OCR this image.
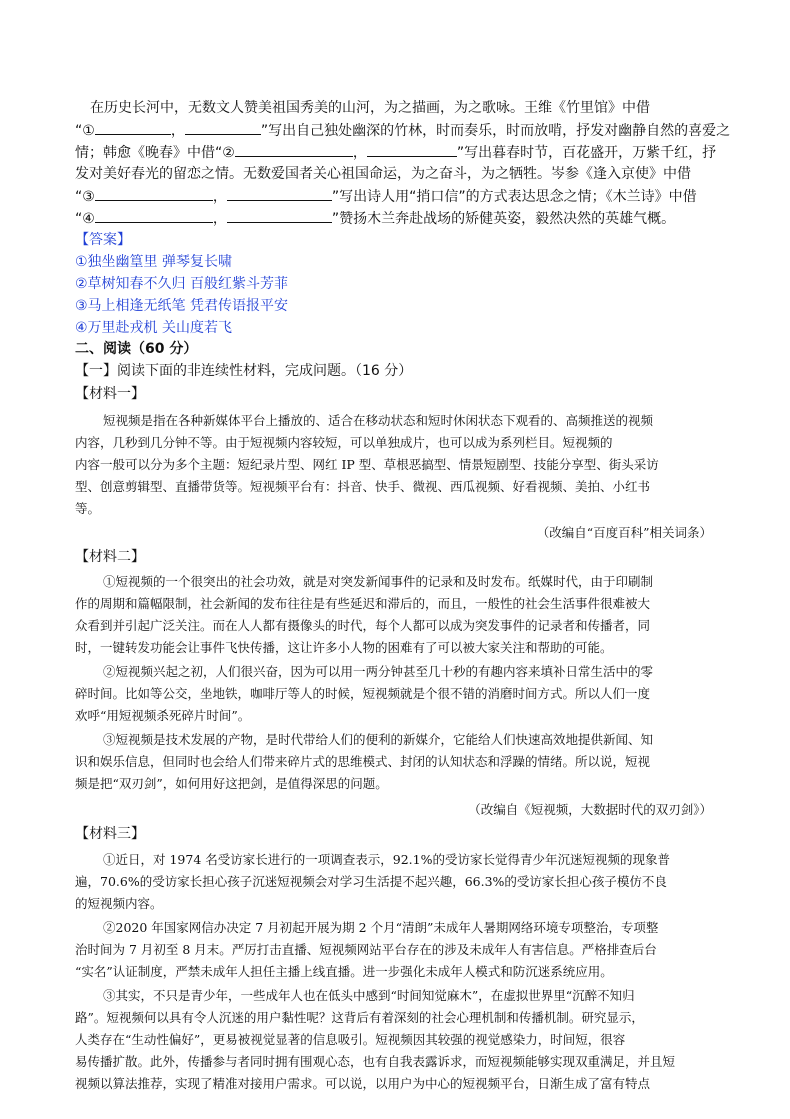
在历史长河中，无数文人赞美祖国秀美的山河，为之描画，为之歌咏。王维《竹里馆》中借
“①	，	”写出自己独处幽深的竹林，时而奏乐，时而放啃，抒发对幽静自然的喜爱之
情；韩愈《晚春》中借“②	，	”写出暮春时节，百花盛开，万紫千红，抒
发对美好春光的留恋之情。无数爱国者关心祖国命运，为之奋斗，为之牺牲。岑参《逢入京使》中借
“③	，	”写出诗人用“捎口信”的方式表达思念之情；《木兰诗》中借
“④	，	”赞扬木兰奔赴战场的矫健英姿，毅然决然的英雄气概。
【答案】
①独坐幽篁里 弹琴复长啸
②草树知春不久归 百般红紫斗芳菲
③马上相逢无纸笔 凭君传语报平安
④万里赴戎机 关山度若飞
二、阅读（60 分）
【一】阅读下面的非连续性材料，完成问题。（16 分）
【材料一】
短视频是指在各种新媒体平台上播放的、适合在移动状态和短时休闲状态下观看的、高频推送的视频
内容，几秒到几分钟不等。由于短视频内容较短，可以单独成片，也可以成为系列栏目。短视频的
内容一般可以分为多个主题：短纪录片型、网红 IP 型、草根恶搞型、情景短剧型、技能分享型、街头采访
型、创意剪辑型、直播带货等。短视频平台有：抖音、快手、微视、西瓜视频、好看视频、美拍、小红书
等。
（改编自“百度百科”相关词条）
【材料二】
①短视频的一个很突出的社会功效，就是对突发新闻事件的记录和及时发布。纸媒时代，由于印刷制
作的周期和篇幅限制，社会新闻的发布往往是有些延迟和滞后的，而且，一般性的社会生活事件很难被大
众看到并引起广泛关注。而在人人都有摄像头的时代，每个人都可以成为突发事件的记录者和传播者，同
时，一键转发功能会让事件飞快传播，这让许多小人物的困难有了可以被大家关注和帮助的可能。
②短视频兴起之初，人们很兴奋，因为可以用一两分钟甚至几十秒的有趣内容来填补日常生活中的零
碎时间。比如等公交，坐地铁，咖啡厅等人的时候，短视频就是个很不错的消磨时间方式。所以人们一度
欢呼“用短视频杀死碎片时间”。
③短视频是技术发展的产物，是时代带给人们的便利的新媒介，它能给人们快速高效地提供新闻、知
识和娱乐信息，但同时也会给人们带来碎片式的思维模式、封闭的认知状态和浮躁的情绪。所以说，短视
频是把“双刃剑”，如何用好这把剑，是值得深思的问题。
（改编自《短视频，大数据时代的双刃剑》）
【材料三】
①近日，对 1974 名受访家长进行的一项调查表示，92.1%的受访家长觉得青少年沉迷短视频的现象普
遍，70.6%的受访家长担心孩子沉迷短视频会对学习生活提不起兴趣，66.3%的受访家长担心孩子模仿不良
的短视频内容。
②2020 年国家网信办决定 7 月初起开展为期 2 个月“清朗”未成年人暑期网络环境专项整治，专项整
治时间为 7 月初至 8 月末。严厉打击直播、短视频网站平台存在的涉及未成年人有害信息。严格排查后台
“实名”认证制度，严禁未成年人担任主播上线直播。进一步强化未成年人模式和防沉迷系统应用。
③其实，不只是青少年，一些成年人也在低头中感到“时间知觉麻木”，在虚拟世界里“沉醉不知归
路”。短视频何以具有令人沉迷的用户黏性呢？这背后有着深刻的社会心理机制和传播机制。研究显示，
人类存在“生动性偏好”，更易被视觉显著的信息吸引。短视频因其较强的视觉感染力，时间短，很容
易传播扩散。此外，传播参与者同时拥有围观心态，也有自我表露诉求，而短视频能够实现双重满足，并且短
视频以算法推荐，实现了精准对接用户需求。可以说，以用户为中心的短视频平台，日渐生成了富有特点
